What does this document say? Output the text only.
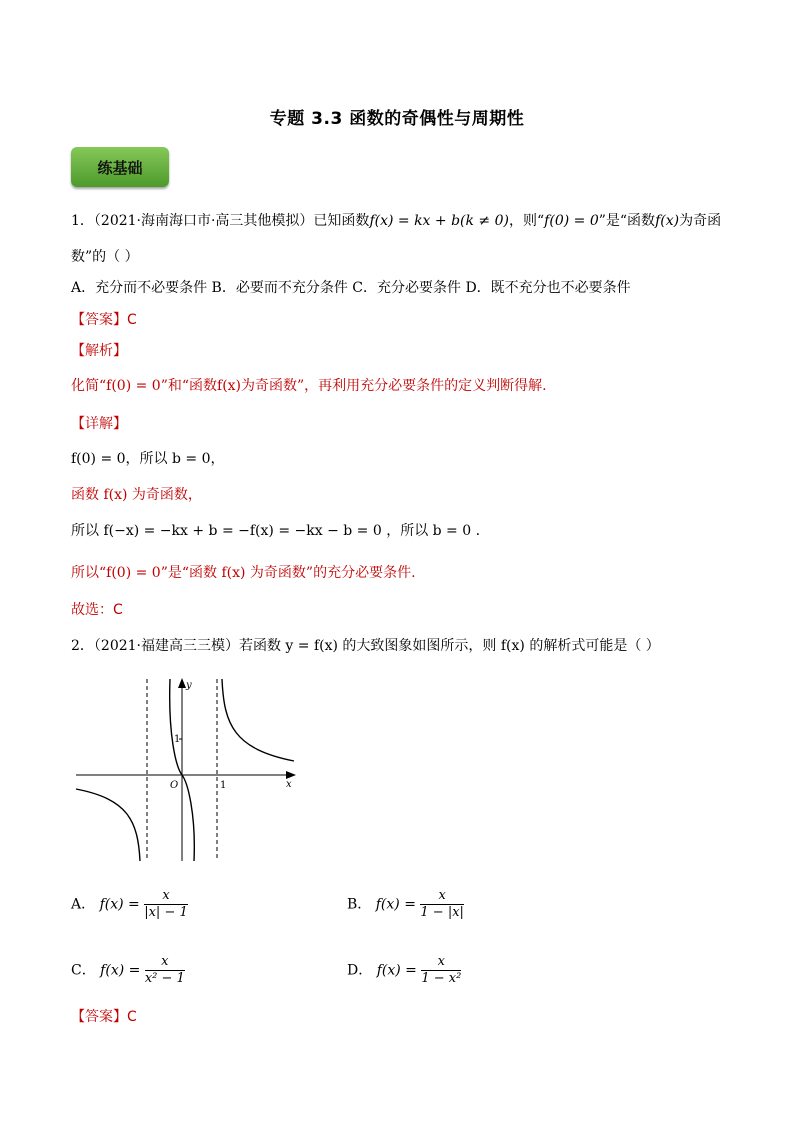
专题 3.3 函数的奇偶性与周期性
练基础
1．（2021·海南海口市·高三其他模拟）已知函数f(x) = kx + b(k ≠ 0)，则“f(0) = 0”是“函数f(x)为奇函
数”的（ ）
A．充分而不必要条件 B．必要而不充分条件 C．充分必要条件 D．既不充分也不必要条件
【答案】C
【解析】
化简“f(0) = 0”和“函数f(x)为奇函数”，再利用充分必要条件的定义判断得解.
【详解】
f(0) = 0，所以 b = 0，
函数 f(x) 为奇函数，
所以 f(−x) = −kx + b = −f(x) = −kx − b = 0 ，所以 b = 0 .
所以“f(0) = 0”是“函数 f(x) 为奇函数”的充分必要条件.
故选：C
2．（2021·福建高三三模）若函数 y = f(x) 的大致图象如图所示，则 f(x) 的解析式可能是（ ）
y
x
O	1
1
A． $f(x) = \frac{x}{|x| - 1}$	B． $f(x) = \frac{x}{1 - |x|}$
C． $f(x) = \frac{x}{\text{x² − 1}}$	D． $f(x) = \frac{x}{\text{1 − x²}}$
【答案】C
